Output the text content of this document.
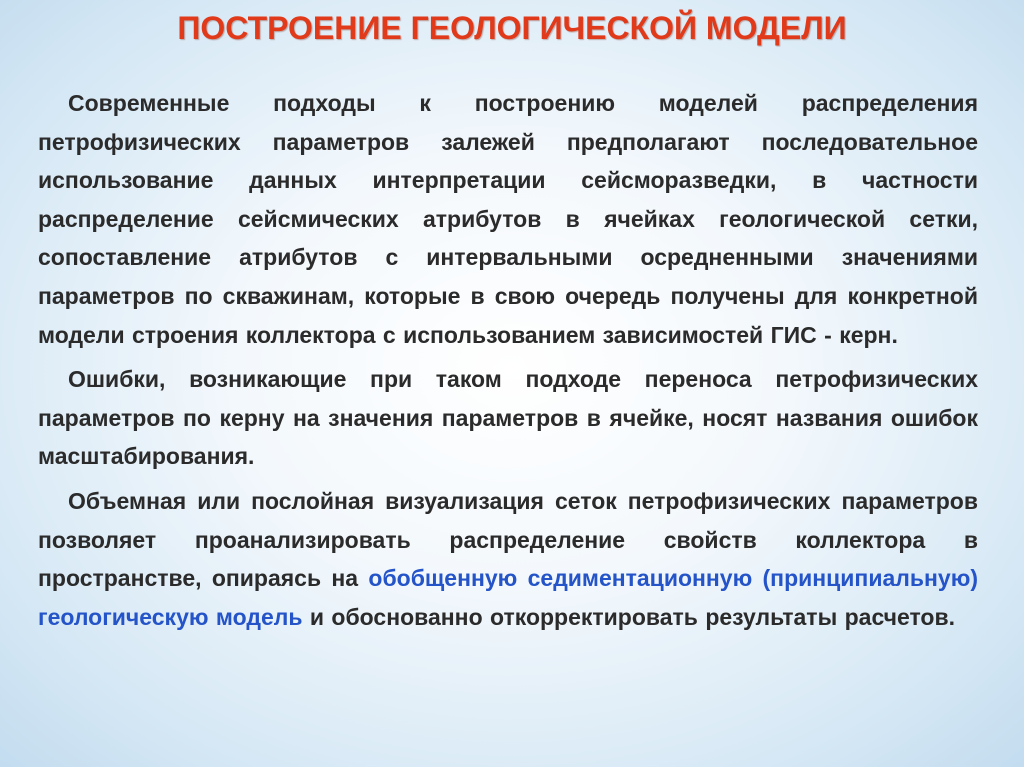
ПОСТРОЕНИЕ ГЕОЛОГИЧЕСКОЙ МОДЕЛИ

Современные подходы к построению моделей распределения петрофизических параметров залежей предполагают последовательное использование данных интерпретации сейсморазведки, в частности распределение сейсмических атрибутов в ячейках геологической сетки, сопоставление атрибутов с интервальными осредненными значениями параметров по скважинам, которые в свою очередь получены для конкретной модели строения коллектора с использованием зависимостей ГИС - керн.

Ошибки, возникающие при таком подходе переноса петрофизических параметров по керну на значения параметров в ячейке, носят названия ошибок масштабирования.

Объемная или послойная визуализация сеток петрофизических параметров позволяет проанализировать распределение свойств коллектора в пространстве, опираясь на обобщенную седиментационную (принципиальную) геологическую модель и обоснованно откорректировать результаты расчетов.
